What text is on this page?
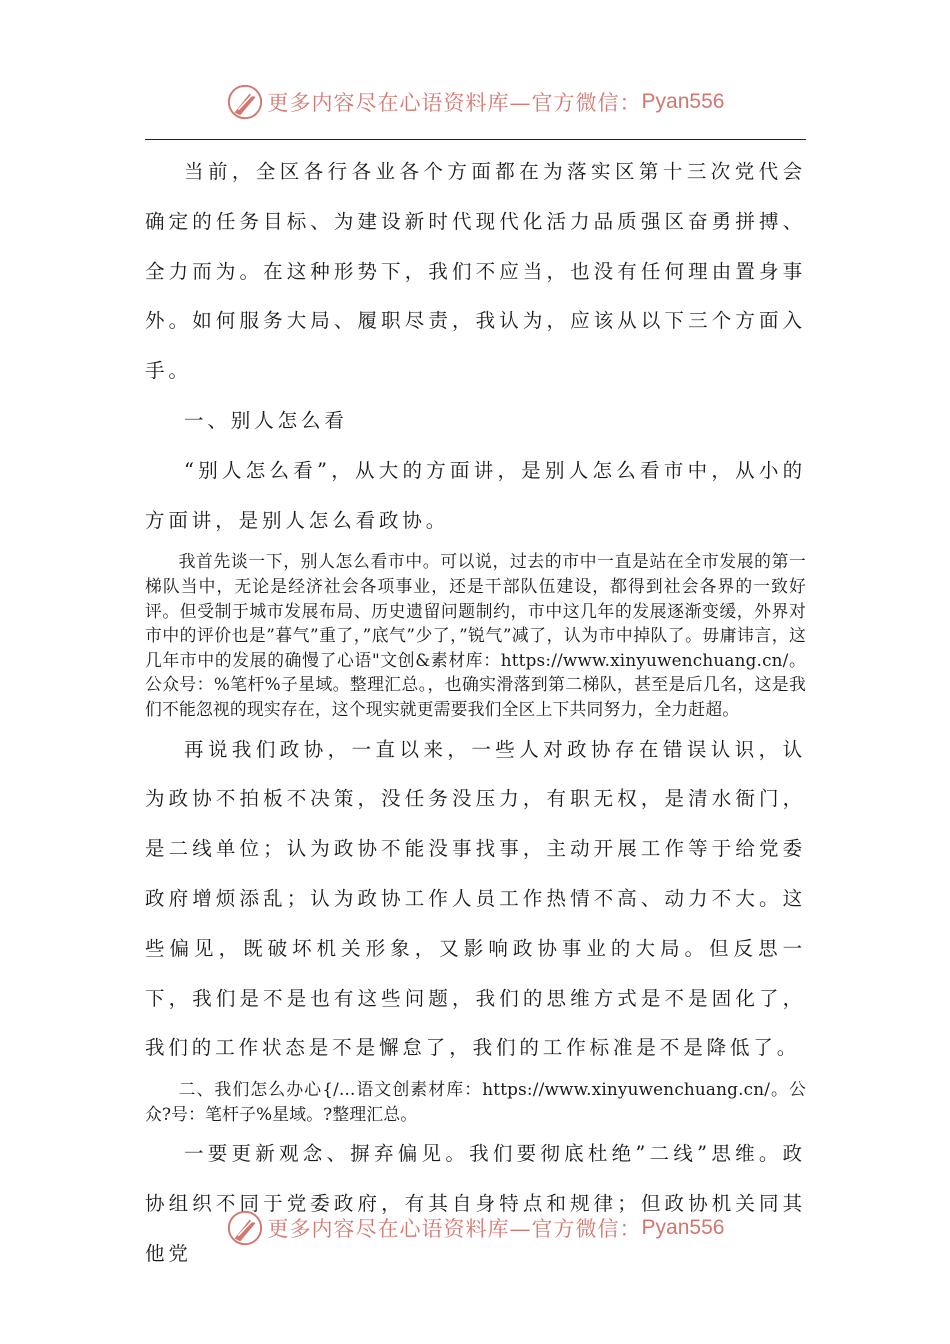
更多内容尽在心语资料库—官方微信： Pyan556

当前，全区各行各业各个方面都在为落实区第十三次党代会确定的任务目标、为建设新时代现代化活力品质强区奋勇拼搏、全力而为。在这种形势下，我们不应当，也没有任何理由置身事外。如何服务大局、履职尽责，我认为，应该从以下三个方面入手。

一、别人怎么看

“别人怎么看”，从大的方面讲，是别人怎么看市中，从小的方面讲，是别人怎么看政协。

我首先谈一下，别人怎么看市中。可以说，过去的市中一直是站在全市发展的第一梯队当中，无论是经济社会各项事业，还是干部队伍建设，都得到社会各界的一致好评。但受制于城市发展布局、历史遗留问题制约，市中这几年的发展逐渐变缓，外界对市中的评价也是”暮气”重了，”底气”少了，”锐气”减了，认为市中掉队了。毋庸讳言，这几年市中的发展的确慢了心语"文创&素材库：https://www.xinyuwenchuang.cn/。公众号：%笔杆%子星域。整理汇总。，也确实滑落到第二梯队，甚至是后几名，这是我们不能忽视的现实存在，这个现实就更需要我们全区上下共同努力，全力赶超。

再说我们政协，一直以来，一些人对政协存在错误认识，认为政协不拍板不决策，没任务没压力，有职无权，是清水衙门，是二线单位；认为政协不能没事找事，主动开展工作等于给党委政府增烦添乱；认为政协工作人员工作热情不高、动力不大。这些偏见，既破坏机关形象，又影响政协事业的大局。但反思一下，我们是不是也有这些问题，我们的思维方式是不是固化了，我们的工作状态是不是懈怠了，我们的工作标准是不是降低了。

二、我们怎么办心{/...语文创素材库：https://www.xinyuwenchuang.cn/。公众?号：笔杆子%星域。?整理汇总。

一要更新观念、摒弃偏见。我们要彻底杜绝”二线”思维。政协组织不同于党委政府，有其自身特点和规律；但政协机关同其他党

更多内容尽在心语资料库—官方微信： Pyan556
